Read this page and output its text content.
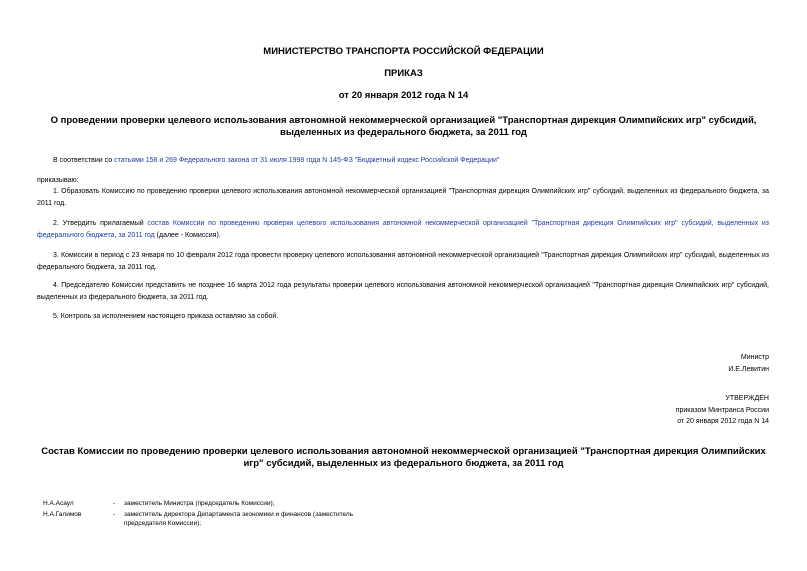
МИНИСТЕРСТВО ТРАНСПОРТА РОССИЙСКОЙ ФЕДЕРАЦИИ
ПРИКАЗ
от 20 января 2012 года N 14
О проведении проверки целевого использования автономной некоммерческой организацией "Транспортная дирекция Олимпийских игр" субсидий, выделенных из федерального бюджета, за 2011 год
В соответствии со статьями 158 и 269 Федерального закона от 31 июля 1998 года N 145-ФЗ "Бюджетный кодекс Российской Федерации"
приказываю:
1. Образовать Комиссию по проведению проверки целевого использования автономной некоммерческой организацией "Транспортная дирекция Олимпийских игр" субсидий, выделенных из федерального бюджета, за 2011 год.
2. Утвердить прилагаемый состав Комиссии по проведению проверки целевого использования автономной некоммерческой организацией "Транспортная дирекция Олимпийских игр" субсидий, выделенных из федерального бюджета, за 2011 год (далее - Комиссия).
3. Комиссии в период с 23 января по 10 февраля 2012 года провести проверку целевого использования автономной некоммерческой организацией "Транспортная дирекция Олимпийских игр" субсидий, выделенных из федерального бюджета, за 2011 год.
4. Председателю Комиссии представить не позднее 16 марта 2012 года результаты проверки целевого использования автономной некоммерческой организацией "Транспортная дирекция Олимпийских игр" субсидий, выделенных из федерального бюджета, за 2011 год.
5. Контроль за исполнением настоящего приказа оставляю за собой.
Министр
И.Е.Левитин
УТВЕРЖДЕН
приказом Минтранса России
от 20 января 2012 года N 14
Состав Комиссии по проведению проверки целевого использования автономной некоммерческой организацией "Транспортная дирекция Олимпийских игр" субсидий, выделенных из федерального бюджета, за 2011 год
Н.А.Асаул	-	заместитель Министра (председатель Комиссии);
Н.А.Галимов	-	заместитель директора Департамента экономики и финансов (заместитель председателя Комиссии);
